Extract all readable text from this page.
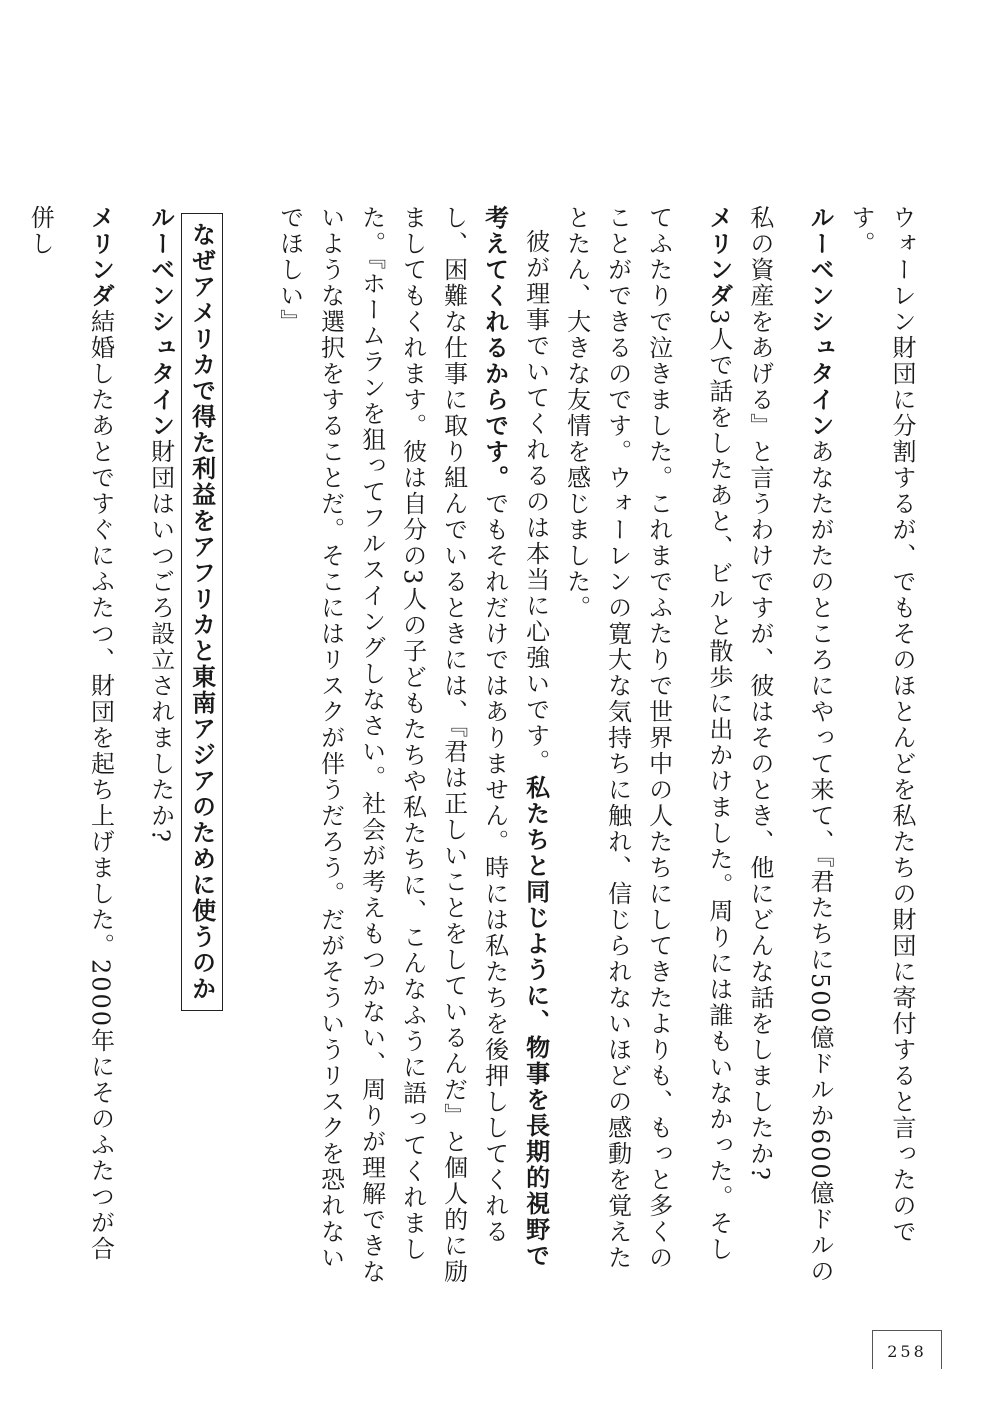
ウォーレン財団に分割するが、でもそのほとんどを私たちの財団に寄付すると言ったのです。

ルーベンシュタインあなたがたのところにやって来て、『君たちに500億ドルか600億ドルの私の資産をあげる』と言うわけですが、彼はそのとき、他にどんな話をしましたか?

メリンダ3人で話をしたあと、ビルと散歩に出かけました。周りには誰もいなかった。そしてふたりで泣きました。これまでふたりで世界中の人たちにしてきたよりも、もっと多くのことができるのです。ウォーレンの寛大な気持ちに触れ、信じられないほどの感動を覚えたとたん、大きな友情を感じました。

彼が理事でいてくれるのは本当に心強いです。私たちと同じように、物事を長期的視野で考えてくれるからです。でもそれだけではありません。時には私たちを後押ししてくれるし、困難な仕事に取り組んでいるときには、『君は正しいことをしているんだ』と個人的に励ましてもくれます。彼は自分の3人の子どもたちや私たちに、こんなふうに語ってくれました。『ホームランを狙ってフルスイングしなさい。社会が考えもつかない、周りが理解できないような選択をすることだ。そこにはリスクが伴うだろう。だがそういうリスクを恐れないでほしい』

なぜアメリカで得た利益をアフリカと東南アジアのために使うのか

ルーベンシュタイン財団はいつごろ設立されましたか?

メリンダ結婚したあとですぐにふたつ、財団を起ち上げました。2000年にそのふたつが合併し

258
